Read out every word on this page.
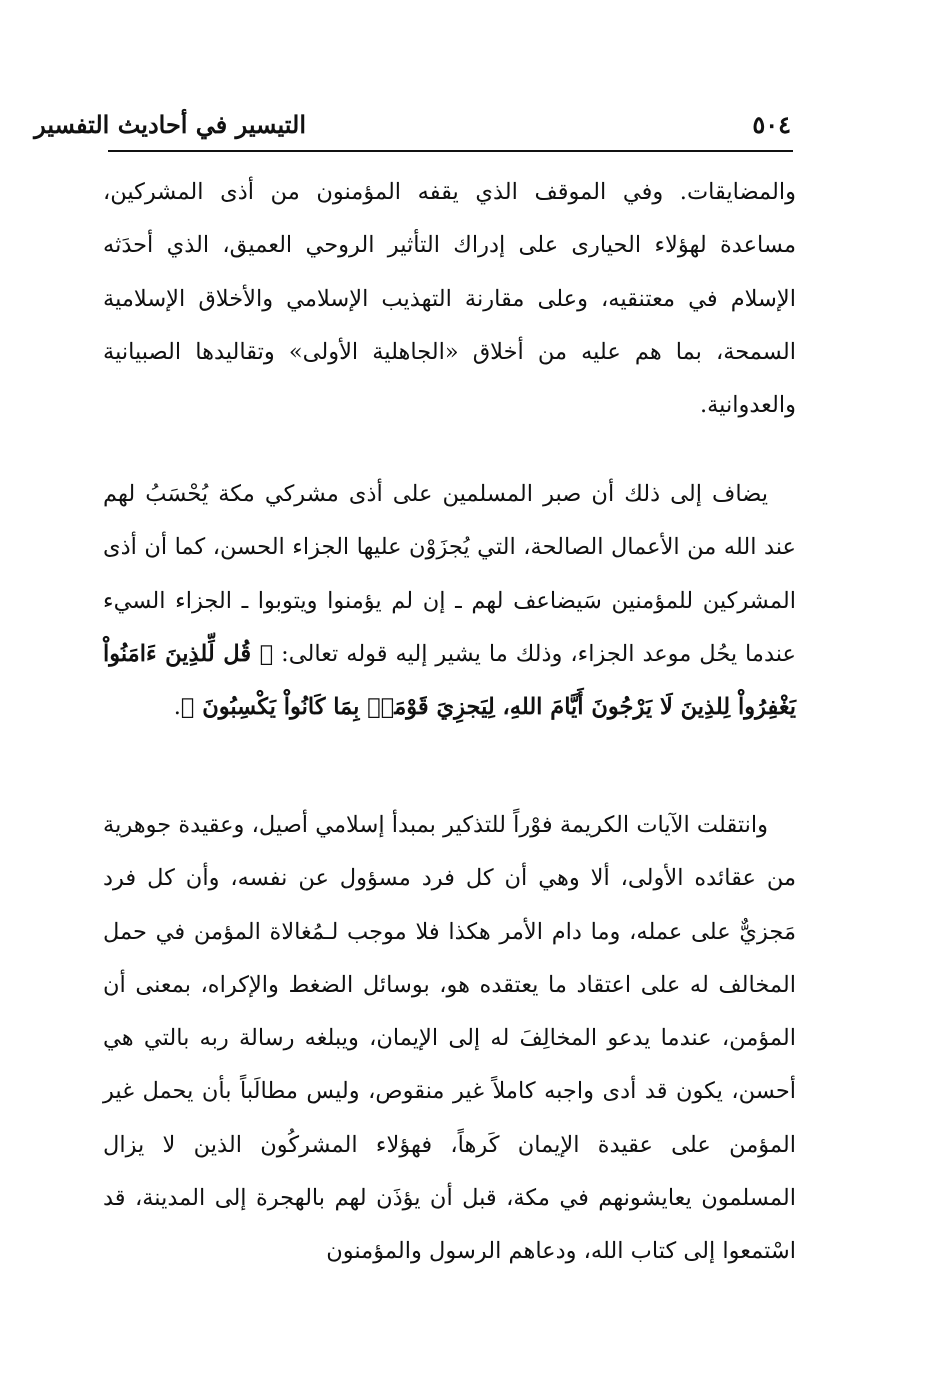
التيسير في أحاديث التفسير	٥٠٤

والمضايقات. وفي الموقف الذي يقفه المؤمنون من أذى المشركين، مساعدة لهؤلاء الحيارى على إدراك التأثير الروحي العميق، الذي أحدَثه الإسلام في معتنقيه، وعلى مقارنة التهذيب الإسلامي والأخلاق الإسلامية السمحة، بما هم عليه من أخلاق «الجاهلية الأولى» وتقاليدها الصبيانية والعدوانية.

يضاف إلى ذلك أن صبر المسلمين على أذى مشركي مكة يُحْسَبُ لهم عند الله من الأعمال الصالحة، التي يُجزَوْن عليها الجزاء الحسن، كما أن أذى المشركين للمؤمنين سَيضاعف لهم ـ إن لم يؤمنوا ويتوبوا ـ الجزاء السيء عندما يحُل موعد الجزاء، وذلك ما يشير إليه قوله تعالى: ﴿ قُل لِّلذِينَ ءَامَنُواْ يَغْفِرُواْ لِلذِينَ لَا يَرْجُونَ أَيَّامَ اللهِ، لِيَجزِيَ قَوْمَاۢ بِمَا كَانُواْ يَكْسِبُونَ ﴾.

وانتقلت الآيات الكريمة فوْراً للتذكير بمبدأ إسلامي أصيل، وعقيدة جوهرية من عقائده الأولى، ألا وهي أن كل فرد مسؤول عن نفسه، وأن كل فرد مَجزيٌّ على عمله، وما دام الأمر هكذا فلا موجب لـمُغالاة المؤمن في حمل المخالف له على اعتقاد ما يعتقده هو، بوسائل الضغط والإكراه، بمعنى أن المؤمن، عندما يدعو المخالِفَ له إلى الإيمان، ويبلغه رسالة ربه بالتي هي أحسن، يكون قد أدى واجبه كاملاً غير منقوص، وليس مطالَباً بأن يحمل غير المؤمن على عقيدة الإيمان كَرهاً، فهؤلاء المشركُون الذين لا يزال المسلمون يعايشونهم في مكة، قبل أن يؤذَن لهم بالهجرة إلى المدينة، قد اسْتمعوا إلى كتاب الله، ودعاهم الرسول والمؤمنون
